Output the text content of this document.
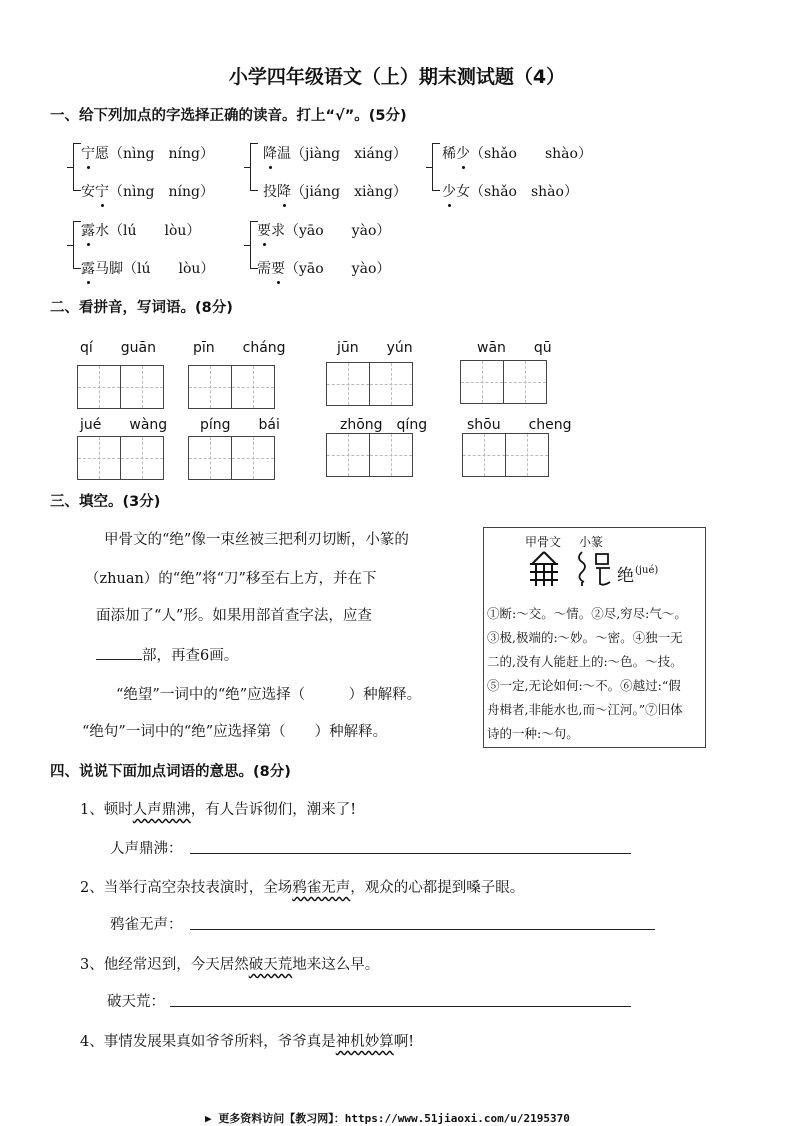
小学四年级语文（上）期末测试题（4）
一、给下列加点的字选择正确的读音。打上“√”。(5分)
宁愿（nìng　níng）
安宁（nìng　níng）
降温（jiàng　xiáng）
投降（jiáng　xiàng）
稀少（shǎo　　shào）
少女（shǎo　shào）
露水（lú　　lòu）
露马脚（lú　　lòu）
要求（yāo　　yào）
需要（yāo　　yào）
二、看拼音，写词语。(8分)
qí　　guān	pīn　　cháng	jūn　　yún	wān　　qū
jué　　wàng píng　　bái	zhōng　qíng	shōu　　cheng
三、填空。(3分)
甲骨文的“绝”像一束丝被三把利刃切断，小篆的
（zhuan）的“绝”将“刀”移至右上方，并在下
面添加了“人”形。如果用部首查字法，应查
部，再查6画。
“绝望”一词中的“绝”应选择（　　　）种解释。
“绝句”一词中的“绝”应选择第（　　）种解释。
甲骨文 小篆
绝 (jué)
①断:～交。～情。②尽,穷尽:气～。
③极,极端的:～妙。～密。④独一无
二的,没有人能赶上的:～色。～技。
⑤一定,无论如何:～不。⑥越过:“假
舟楫者,非能水也,而～江河。”⑦旧体
诗的一种:～句。
四、说说下面加点词语的意思。(8分)
1、顿时人声鼎沸，有人告诉彻们，潮来了!
人声鼎沸：
2、当举行高空杂技表演时，全场鸦雀无声，观众的心都提到嗓子眼。
鸦雀无声：
3、他经常迟到，今天居然破天荒地来这么早。
破天荒：
4、事情发展果真如爷爷所料，爷爷真是神机妙算啊!
▶ 更多资料访问【教习网】：https://www.51jiaoxi.com/u/2195370
